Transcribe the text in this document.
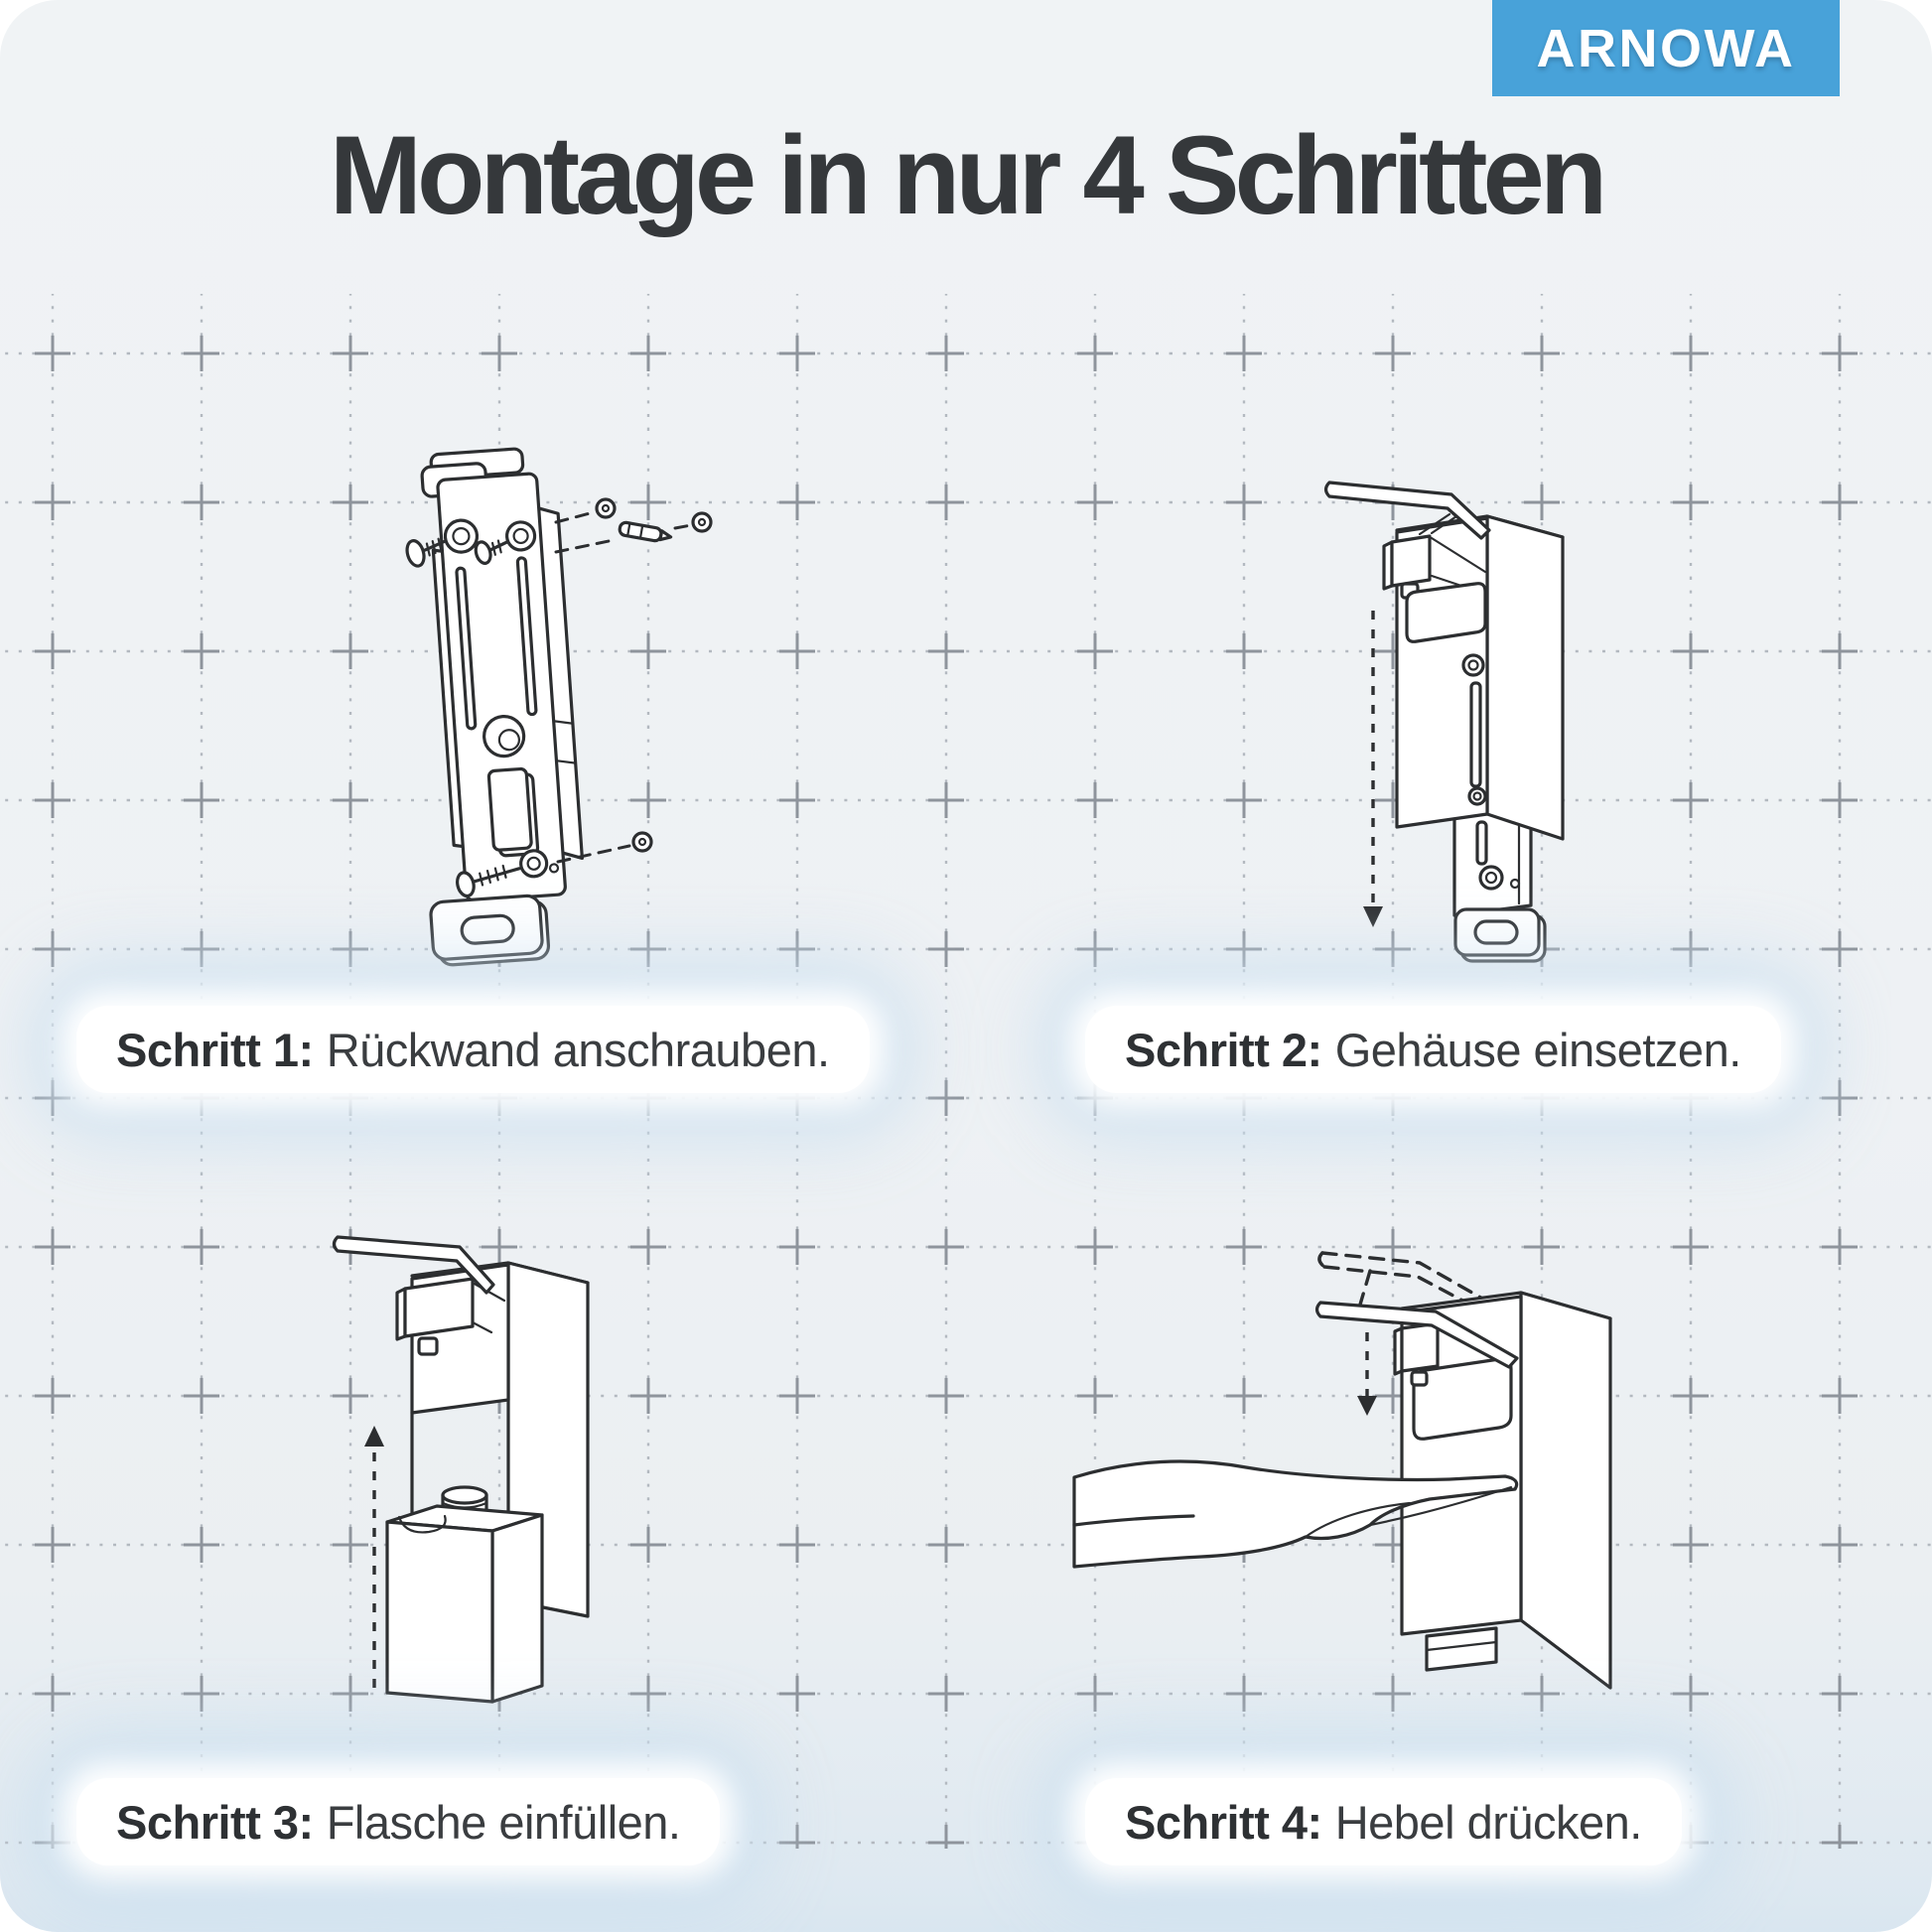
ARNOWA
Montage in nur 4 Schritten
Schritt 1: Rückwand anschrauben.	Schritt 2: Gehäuse einsetzen.
Schritt 3: Flasche einfüllen.	Schritt 4: Hebel drücken.
